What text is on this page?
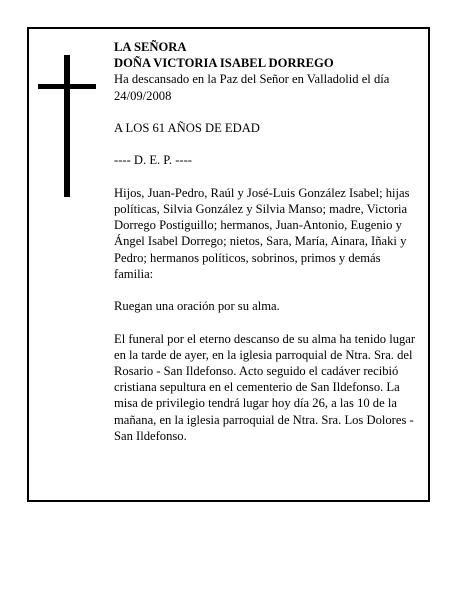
LA SEÑORA

DOÑA VICTORIA ISABEL DORREGO

Ha descansado en la Paz del Señor en Valladolid el día

24/09/2008

A LOS 61 AÑOS DE EDAD

---- D. E. P. ----

Hijos, Juan-Pedro, Raúl y José-Luis González Isabel; hijas políticas, Silvia González y Silvia Manso; madre, Victoria Dorrego Postiguillo; hermanos, Juan-Antonio, Eugenio y Ángel Isabel Dorrego; nietos, Sara, María, Ainara, Iñaki y Pedro; hermanos políticos, sobrinos, primos y demás familia:

Ruegan una oración por su alma.

El funeral por el eterno descanso de su alma ha tenido lugar en la tarde de ayer, en la iglesia parroquial de Ntra. Sra. del Rosario - San Ildefonso. Acto seguido el cadáver recibió cristiana sepultura en el cementerio de San Ildefonso. La misa de privilegio tendrá lugar hoy día 26, a las 10 de la mañana, en la iglesia parroquial de Ntra. Sra. Los Dolores - San Ildefonso.
